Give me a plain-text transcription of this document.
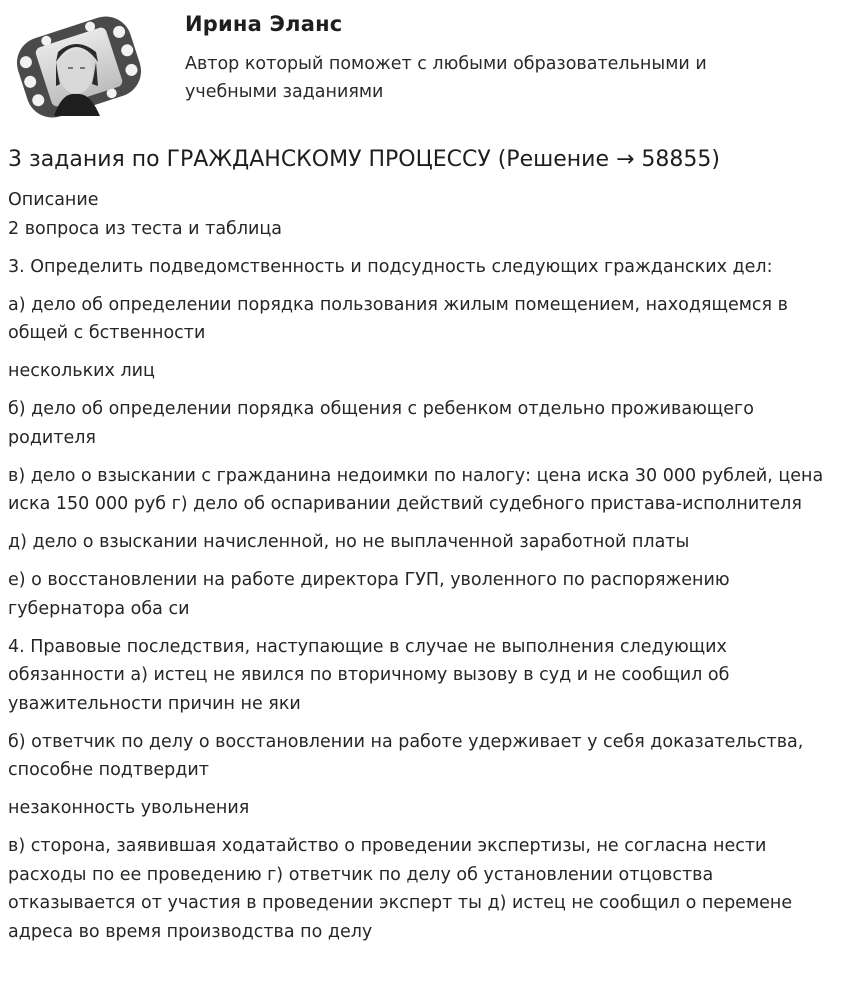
Ирина Эланс
Автор который поможет с любыми образовательными и учебными заданиями
3 задания по ГРАЖДАНСКОМУ ПРОЦЕССУ (Решение → 58855)

Описание

2 вопроса из теста и таблица

3. Определить подведомственность и подсудность следующих гражданских дел:

а) дело об определении порядка пользования жилым помещением, находящемся в общей с бственности

нескольких лиц

б) дело об определении порядка общения с ребенком отдельно проживающего родителя

в) дело о взыскании с гражданина недоимки по налогу: цена иска 30 000 рублей, цена иска 150 000 руб г) дело об оспаривании действий судебного пристава-исполнителя

д) дело о взыскании начисленной, но не выплаченной заработной платы

е) о восстановлении на работе директора ГУП, уволенного по распоряжению губернатора оба си

4. Правовые последствия, наступающие в случае не выполнения следующих обязанности а) истец не явился по вторичному вызову в суд и не сообщил об уважительности причин не яки

б) ответчик по делу о восстановлении на работе удерживает у себя доказательства, способне подтвердит

незаконность увольнения

в) сторона, заявившая ходатайство о проведении экспертизы, не согласна нести расходы по ее проведению г) ответчик по делу об установлении отцовства отказывается от участия в проведении эксперт ты д) истец не сообщил о перемене адреса во время производства по делу
